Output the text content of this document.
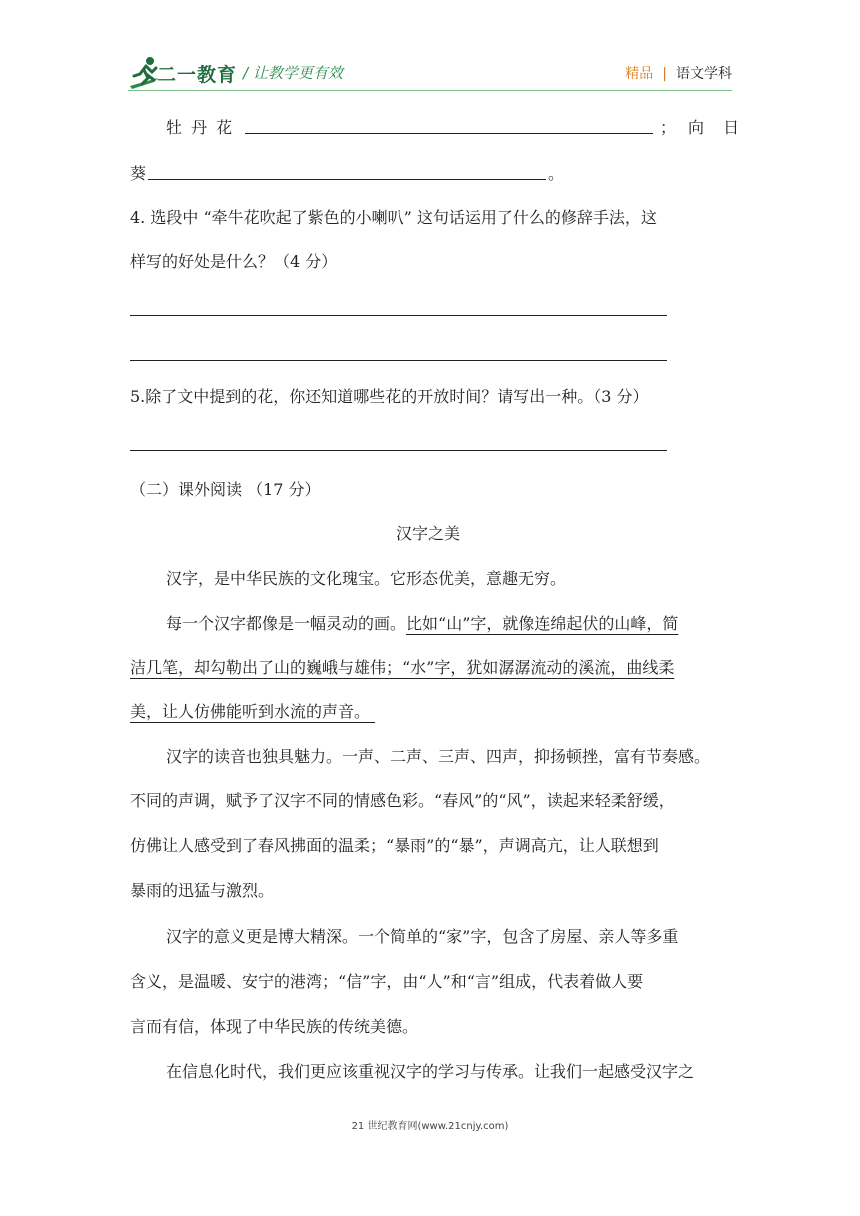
二一教育 / 让教学更有效	精品 | 语文学科
牡 丹 花	； 向 日
葵	。
4. 选段中 “牵牛花吹起了紫色的小喇叭” 这句话运用了什么的修辞手法，这
样写的好处是什么？（4 分）
5.除了文中提到的花，你还知道哪些花的开放时间？请写出一种。（3 分）
（二）课外阅读 （17 分）
汉字之美
汉字，是中华民族的文化瑰宝。它形态优美，意趣无穷。
每一个汉字都像是一幅灵动的画。比如“山”字，就像连绵起伏的山峰，简
洁几笔，却勾勒出了山的巍峨与雄伟；“水”字，犹如潺潺流动的溪流，曲线柔
美，让人仿佛能听到水流的声音。
汉字的读音也独具魅力。一声、二声、三声、四声，抑扬顿挫，富有节奏感。
不同的声调，赋予了汉字不同的情感色彩。“春风”的“风”，读起来轻柔舒缓，
仿佛让人感受到了春风拂面的温柔；“暴雨”的“暴”，声调高亢，让人联想到
暴雨的迅猛与激烈。
汉字的意义更是博大精深。一个简单的“家”字，包含了房屋、亲人等多重
含义，是温暖、安宁的港湾；“信”字，由“人”和“言”组成，代表着做人要
言而有信，体现了中华民族的传统美德。
在信息化时代，我们更应该重视汉字的学习与传承。让我们一起感受汉字之
21 世纪教育网(www.21cnjy.com)
